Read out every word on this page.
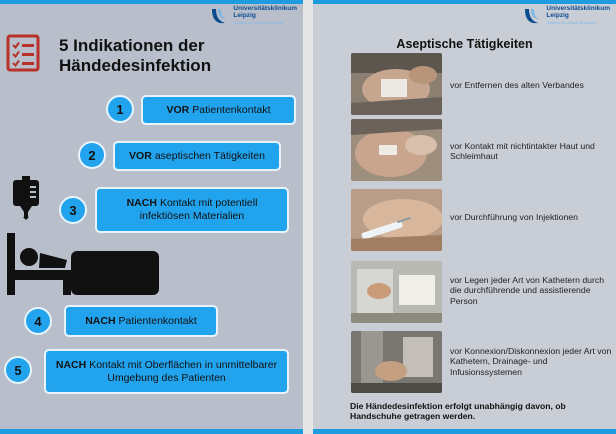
Universitätsklinikum
Leipzig
Medizin ist unsere Berufung.
5 Indikationen der
Händedesinfektion
1	VOR Patientenkontakt
2	VOR aseptischen Tätigkeiten
3	NACH Kontakt mit potentiell infektiösen Materialien
4	NACH Patientenkontakt
5	NACH Kontakt mit Oberflächen in unmittelbarer Umgebung des Patienten
Universitätsklinikum
Leipzig
Medizin ist unsere Berufung.
Aseptische Tätigkeiten
vor Entfernen des alten Verbandes
vor Kontakt mit nichtintakter Haut und Schleimhaut
vor Durchführung von Injektionen
vor Legen jeder Art von Kathetern durch die durchführende und assistierende Person
vor Konnexion/Diskonnexion jeder Art von Kathetern, Drainage- und Infusionssystemen
Die Händedesinfektion erfolgt unabhängig davon, ob Handschuhe getragen werden.
